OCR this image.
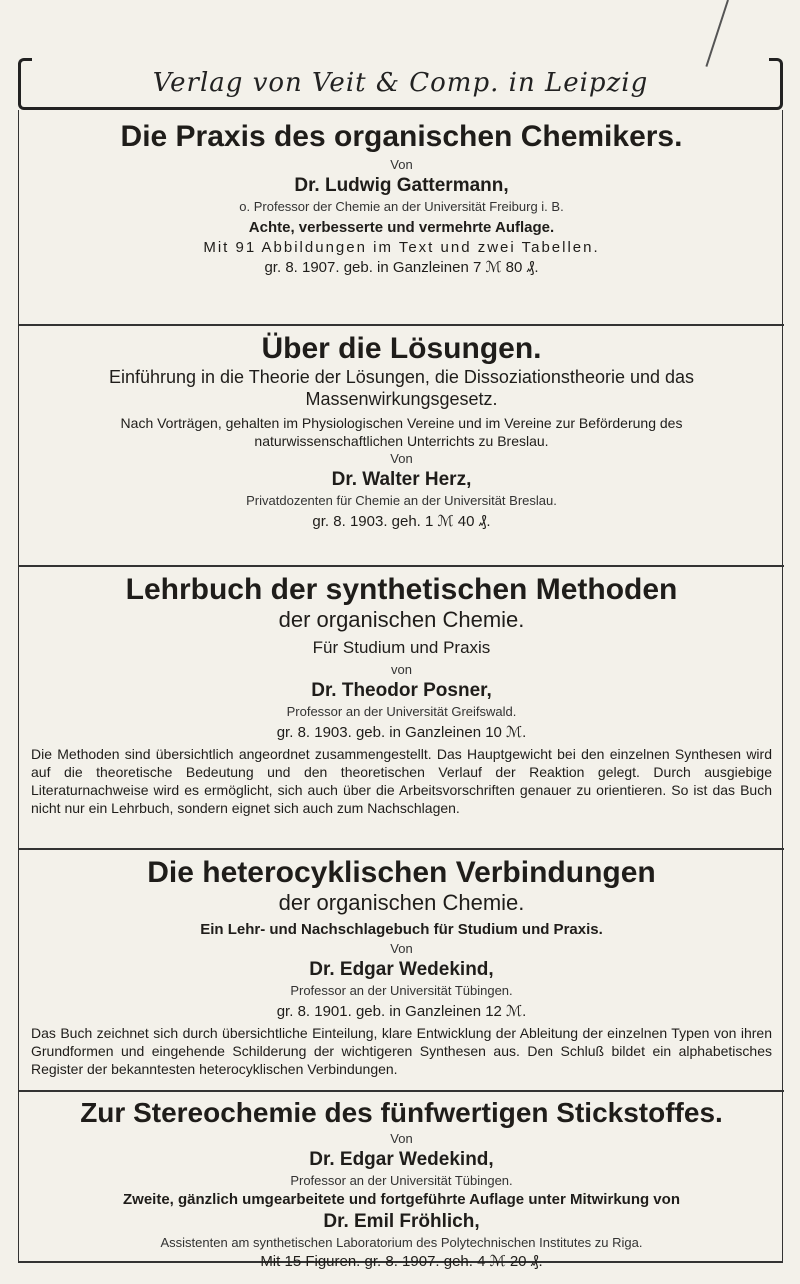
Verlag von Veit & Comp. in Leipzig
Die Praxis des organischen Chemikers.
Von
Dr. Ludwig Gattermann,
o. Professor der Chemie an der Universität Freiburg i. B.
Achte, verbesserte und vermehrte Auflage.
Mit 91 Abbildungen im Text und zwei Tabellen.
gr. 8. 1907. geb. in Ganzleinen 7 ℳ 80 ₰.
Über die Lösungen.
Einführung in die Theorie der Lösungen, die Dissoziationstheorie und das Massenwirkungsgesetz.
Nach Vorträgen, gehalten im Physiologischen Vereine und im Vereine zur Beförderung des naturwissenschaftlichen Unterrichts zu Breslau.
Von
Dr. Walter Herz,
Privatdozenten für Chemie an der Universität Breslau.
gr. 8. 1903. geh. 1 ℳ 40 ₰.
Lehrbuch der synthetischen Methoden
der organischen Chemie.
Für Studium und Praxis
von
Dr. Theodor Posner,
Professor an der Universität Greifswald.
gr. 8. 1903. geb. in Ganzleinen 10 ℳ.
Die Methoden sind übersichtlich angeordnet zusammengestellt. Das Hauptgewicht bei den einzelnen Synthesen wird auf die theoretische Bedeutung und den theoretischen Verlauf der Reaktion gelegt. Durch ausgiebige Literaturnachweise wird es ermöglicht, sich auch über die Arbeitsvorschriften genauer zu orientieren. So ist das Buch nicht nur ein Lehrbuch, sondern eignet sich auch zum Nachschlagen.
Die heterocyklischen Verbindungen
der organischen Chemie.
Ein Lehr- und Nachschlagebuch für Studium und Praxis.
Von
Dr. Edgar Wedekind,
Professor an der Universität Tübingen.
gr. 8. 1901. geb. in Ganzleinen 12 ℳ.
Das Buch zeichnet sich durch übersichtliche Einteilung, klare Entwicklung der Ableitung der einzelnen Typen von ihren Grundformen und eingehende Schilderung der wichtigeren Synthesen aus. Den Schluß bildet ein alphabetisches Register der bekanntesten heterocyklischen Verbindungen.
Zur Stereochemie des fünfwertigen Stickstoffes.
Von
Dr. Edgar Wedekind,
Professor an der Universität Tübingen.
Zweite, gänzlich umgearbeitete und fortgeführte Auflage unter Mitwirkung von
Dr. Emil Fröhlich,
Assistenten am synthetischen Laboratorium des Polytechnischen Institutes zu Riga.
Mit 15 Figuren. gr. 8. 1907. geh. 4 ℳ 20 ₰.
